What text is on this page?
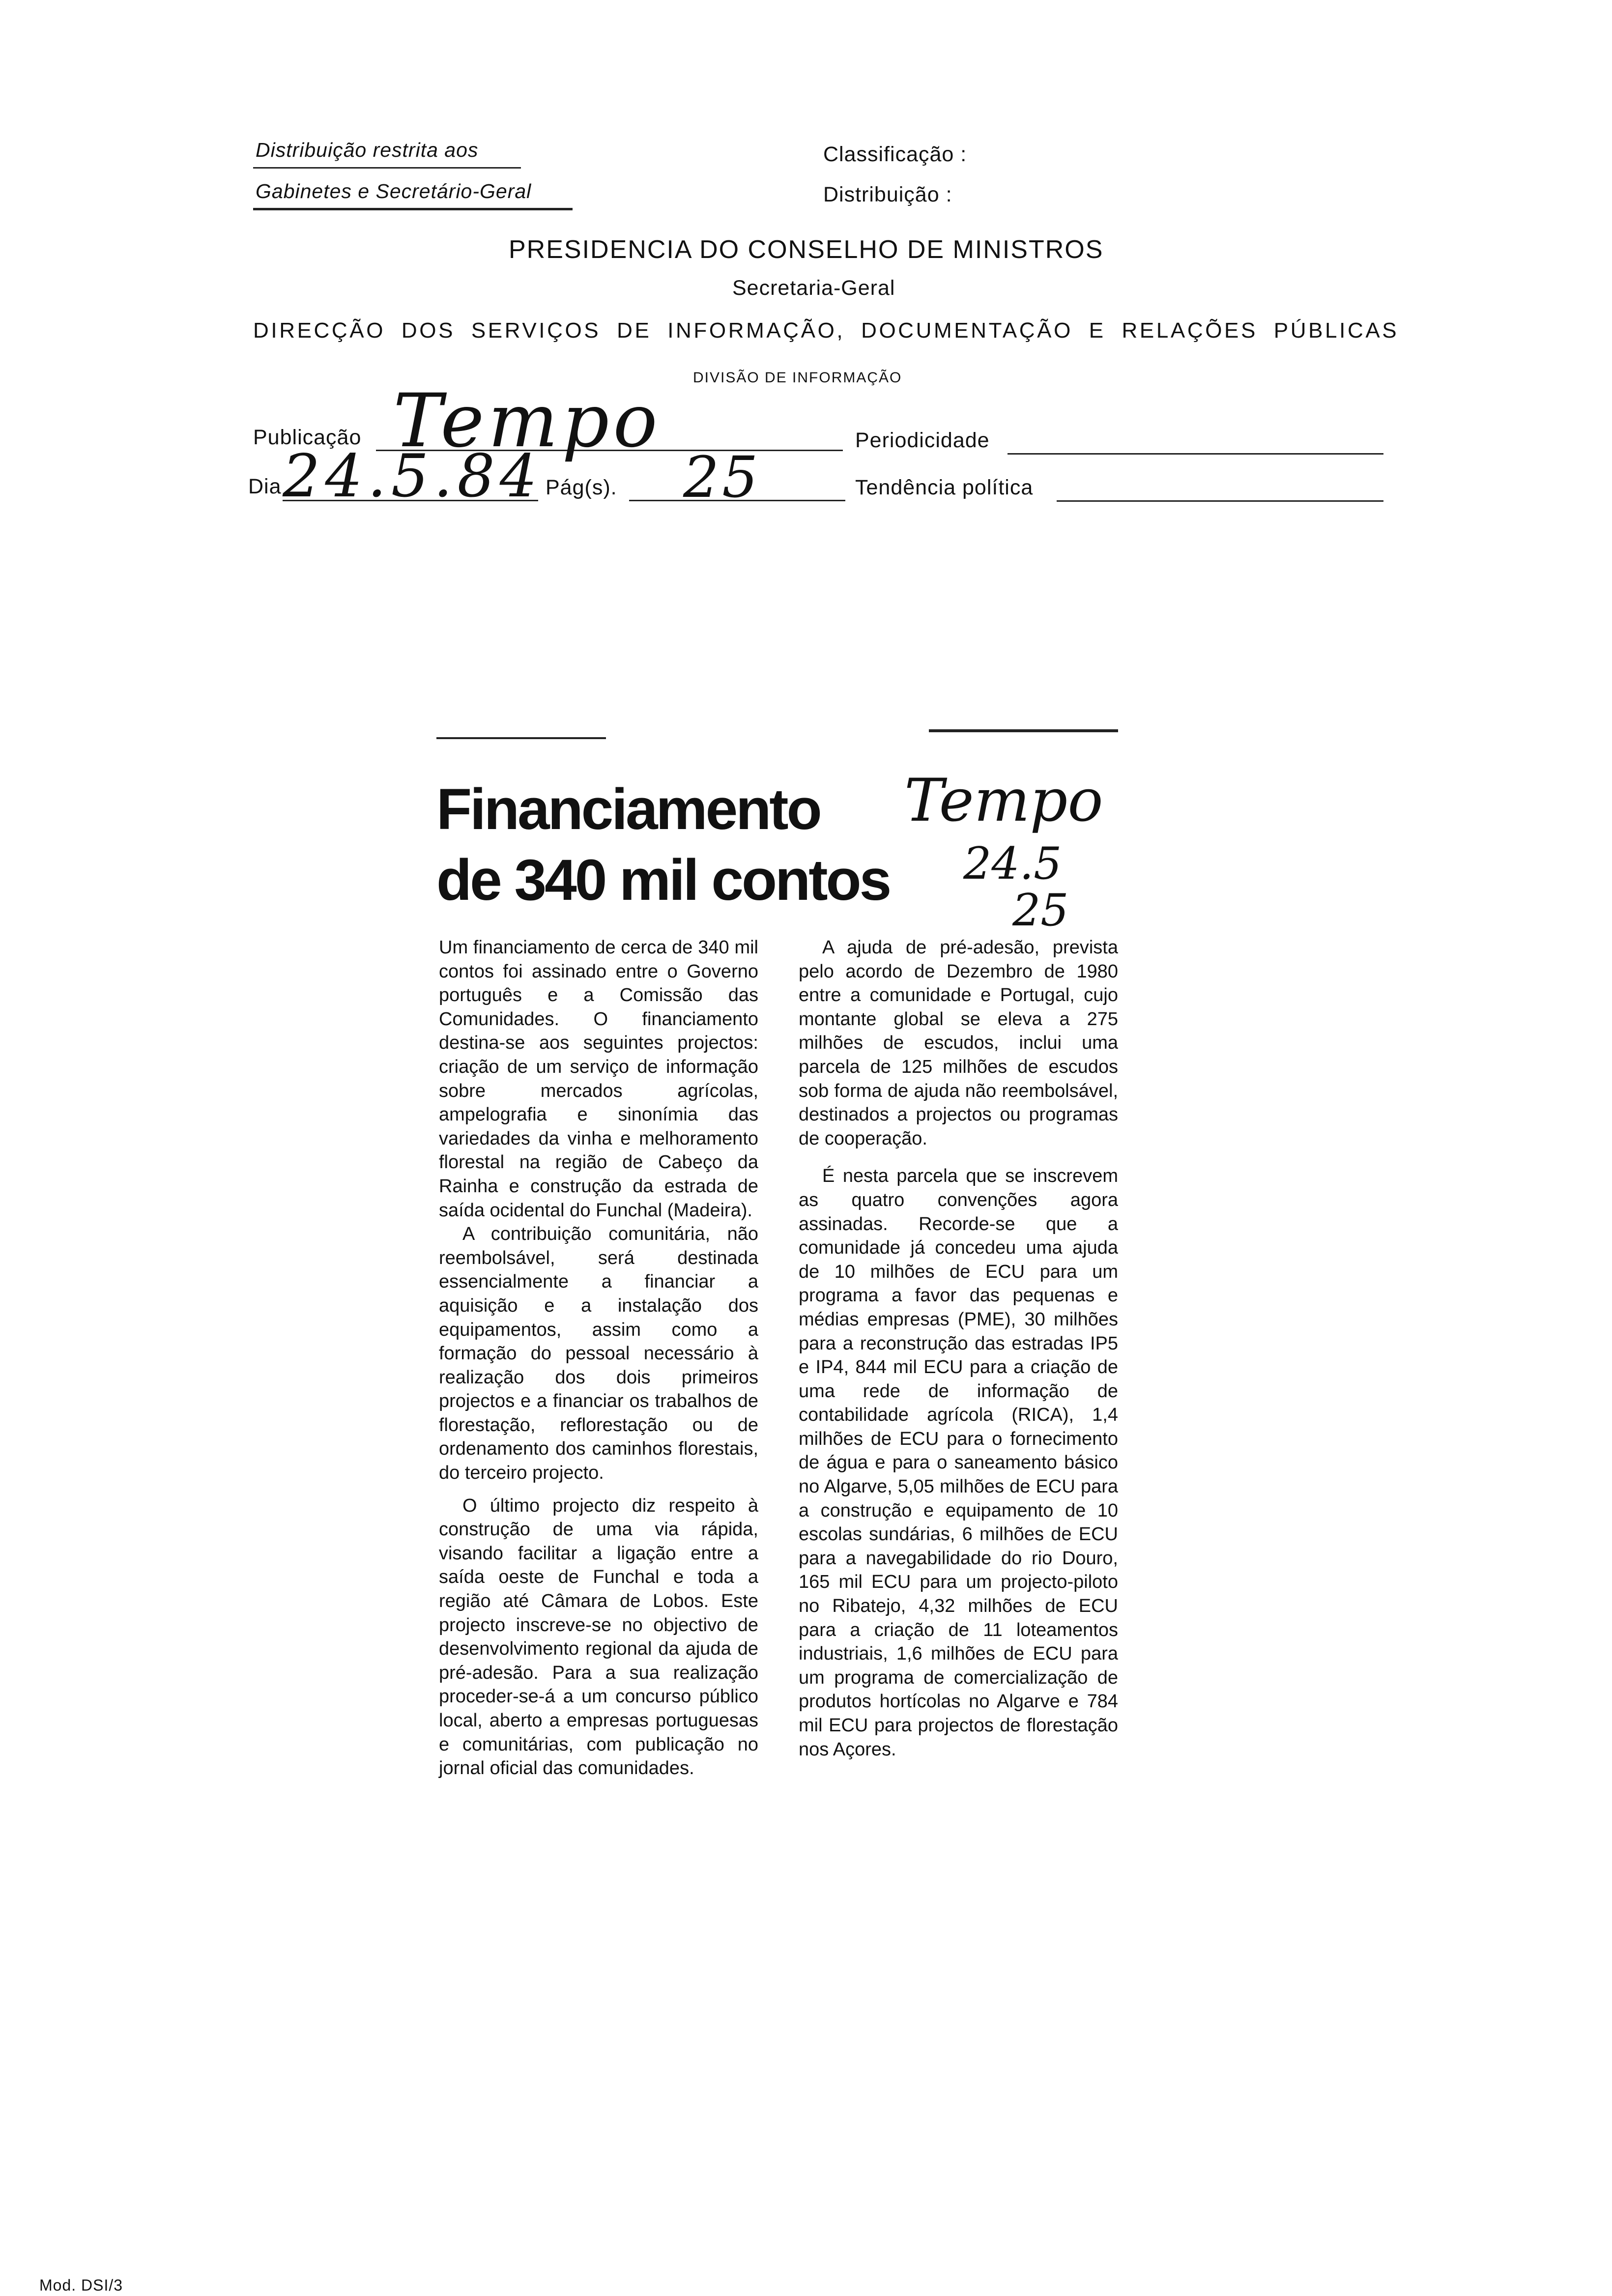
Distribuição restrita aos
Gabinetes e Secretário-Geral
Classificação :
Distribuição :
PRESIDENCIA DO CONSELHO DE MINISTROS
Secretaria-Geral
DIRECÇÃO DOS SERVIÇOS DE INFORMAÇÃO, DOCUMENTAÇÃO E RELAÇÕES PÚBLICAS
DIVISÃO DE INFORMAÇÃO
Publicação Tempo	Periodicidade
Dia 24.5.84 Pág(s). 25	Tendência política
Financiamento
de 340 mil contos
Tempo
24.5
25

Um financiamento de cerca de 340 mil contos foi assinado entre o Governo português e a Comissão das Comunidades. O financiamento destina-se aos seguintes projectos: criação de um serviço de informação sobre mercados agrícolas, ampelografia e sinonímia das variedades da vinha e melhoramento florestal na região de Cabeço da Rainha e construção da estrada de saída ocidental do Funchal (Madeira).

A contribuição comunitária, não reembolsável, será destinada essencialmente a financiar a aquisição e a instalação dos equipamentos, assim como a formação do pessoal necessário à realização dos dois primeiros projectos e a financiar os trabalhos de florestação, reflorestação ou de ordenamento dos caminhos florestais, do terceiro projecto.

O último projecto diz respeito à construção de uma via rápida, visando facilitar a ligação entre a saída oeste de Funchal e toda a região até Câmara de Lobos. Este projecto inscreve-se no objectivo de desenvolvimento regional da ajuda de pré-adesão. Para a sua realização proceder-se-á a um concurso público local, aberto a empresas portuguesas e comunitárias, com publicação no jornal oficial das comunidades.

A ajuda de pré-adesão, prevista pelo acordo de Dezembro de 1980 entre a comunidade e Portugal, cujo montante global se eleva a 275 milhões de escudos, inclui uma parcela de 125 milhões de escudos sob forma de ajuda não reembolsável, destinados a projectos ou programas de cooperação.

É nesta parcela que se inscrevem as quatro convenções agora assinadas. Recorde-se que a comunidade já concedeu uma ajuda de 10 milhões de ECU para um programa a favor das pequenas e médias empresas (PME), 30 milhões para a reconstrução das estradas IP5 e IP4, 844 mil ECU para a criação de uma rede de informação de contabilidade agrícola (RICA), 1,4 milhões de ECU para o fornecimento de água e para o saneamento básico no Algarve, 5,05 milhões de ECU para a construção e equipamento de 10 escolas sundárias, 6 milhões de ECU para a navegabilidade do rio Douro, 165 mil ECU para um projecto-piloto no Ribatejo, 4,32 milhões de ECU para a criação de 11 loteamentos industriais, 1,6 milhões de ECU para um programa de comercialização de produtos hortícolas no Algarve e 784 mil ECU para projectos de florestação nos Açores.

Mod. DSI/3
